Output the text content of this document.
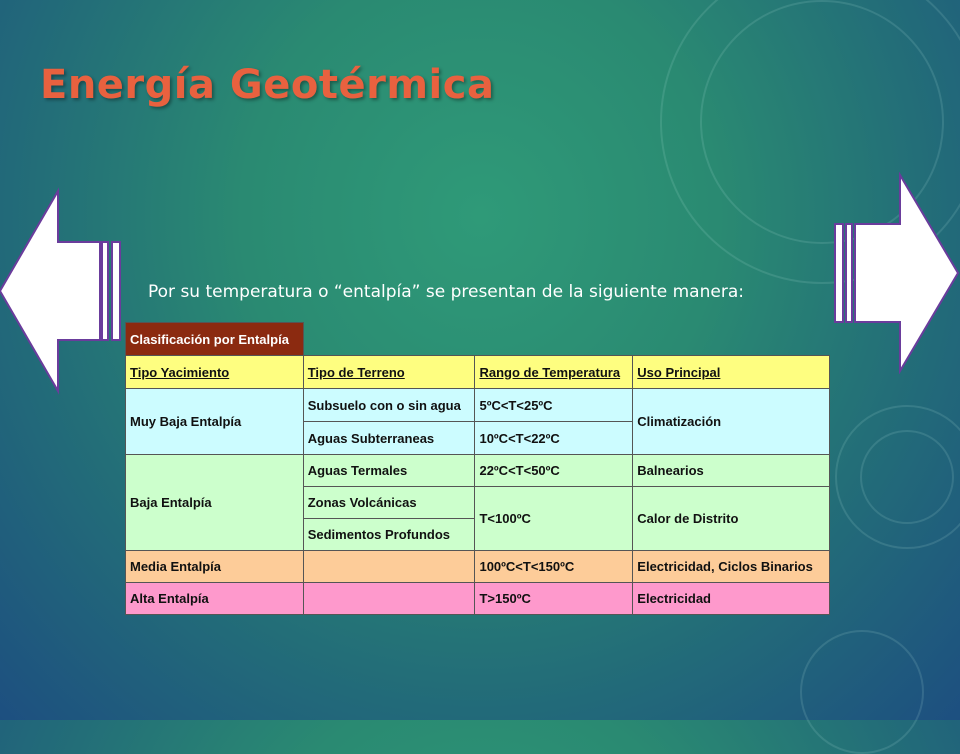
Energía Geotérmica
Por su temperatura o “entalpía” se presentan de la siguiente manera:
Clasificación por Entalpía			
Tipo Yacimiento	Tipo de Terreno	Rango de Temperatura	Uso Principal
Muy Baja Entalpía	Subsuelo con o sin agua	5ºC<T<25ºC	Climatización
	Aguas Subterraneas	10ºC<T<22ºC	
Baja Entalpía	Aguas Termales	22ºC<T<50ºC	Balnearios
	Zonas Volcánicas	T<100ºC	Calor de Distrito
	Sedimentos Profundos		
Media Entalpía		100ºC<T<150ºC	Electricidad, Ciclos Binarios
Alta Entalpía		T>150ºC	Electricidad
